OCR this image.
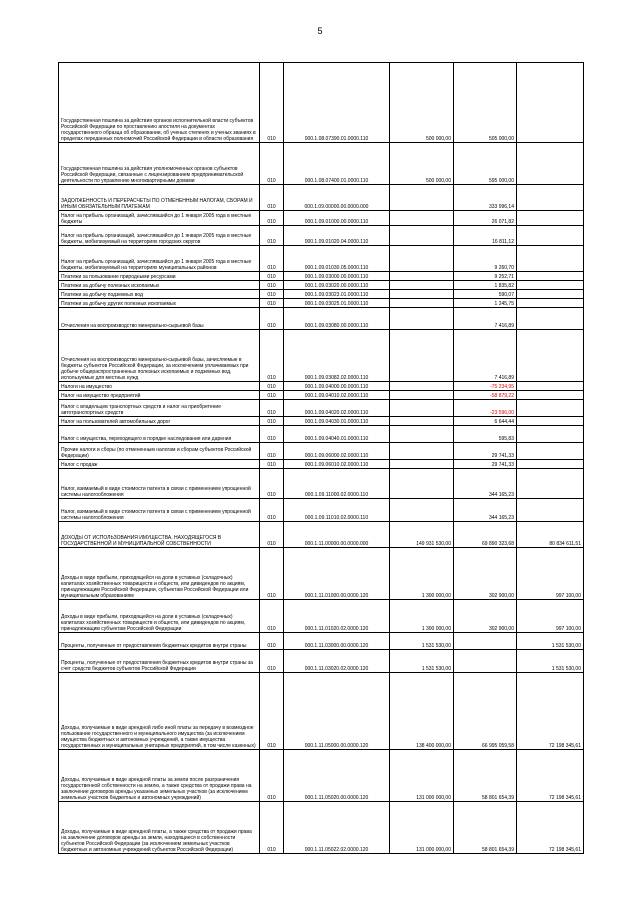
5
Государственная пошлина за действия органов исполнительной власти субъектов Российской Федерации по проставлению апостиля на документах государственного образца об образовании, об ученых степенях и ученых званиях в пределах переданных полномочий Российской Федерации в области образования	010	000.1.08.07390.01.0000.110	500 000,00	505 000,00	
Государственная пошлина за действия уполномоченных органов субъектов Российской Федерации, связанные с лицензированием предпринимательской деятельности по управлению многоквартирными домами	010	000.1.08.07400.01.0000.110	500 000,00	595 000,00	
ЗАДОЛЖЕННОСТЬ И ПЕРЕРАСЧЕТЫ ПО ОТМЕНЕННЫМ НАЛОГАМ, СБОРАМ И ИНЫМ ОБЯЗАТЕЛЬНЫМ ПЛАТЕЖАМ	010	000.1.09.00000.00.0000.000		333 996,14	
Налог на прибыль организаций, зачислявшийся до 1 января 2005 года в местные бюджеты	010	000.1.09.01000.00.0000.110		26 071,82	
Налог на прибыль организаций, зачислявшийся до 1 января 2005 года в местные бюджеты, мобилизуемый на территориях городских округов	010	000.1.09.01020.04.0000.110		16 811,12	
Налог на прибыль организаций, зачислявшийся до 1 января 2005 года в местные бюджеты, мобилизуемый на территориях муниципальных районов	010	000.1.09.01030.05.0000.110		9 260,70	
Платежи за пользование природными ресурсами	010	000.1.09.03000.00.0000.110		9 252,71	
Платежи за добычу полезных ископаемых	010	000.1.09.03020.00.0000.110		1 835,82	
Платежи за добычу подземных вод	010	000.1.09.03023.01.0000.110		590,07	
Платежи за добычу других полезных ископаемых	010	000.1.09.03025.01.0000.110		1 245,75	
Отчисления на воспроизводство минерально-сырьевой базы	010	000.1.09.03080.00.0000.110		7 416,89	
Отчисления на воспроизводство минерально-сырьевой базы, зачисляемые в бюджеты субъектов Российской Федерации, за исключением уплачиваемых при добыче общераспространенных полезных ископаемых и подземных вод, используемых для местных нужд	010	000.1.09.03082.02.0000.110		7 416,89	
Налоги на имущество	010	000.1.09.04000.00.0000.110		-75 234,95	
Налог на имущество предприятий	010	000.1.09.04010.02.0000.110		-58 879,22	
Налог с владельцев транспортных средств и налог на приобретение автотранспортных средств	010	000.1.09.04020.02.0000.110		-23 596,00	
Налог на пользователей автомобильных дорог	010	000.1.09.04030.01.0000.110		6 644,44	
Налог с имущества, переходящего в порядке наследования или дарения	010	000.1.09.04040.01.0000.110		595,83	
Прочие налоги и сборы (по отмененным налогам и сборам субъектов Российской Федерации)	010	000.1.09.06000.02.0000.110		29 741,33	
Налог с продаж	010	000.1.09.06010.02.0000.110		29 741,33	
Налог, взимаемый в виде стоимости патента в связи с применением упрощенной системы налогообложения	010	000.1.09.11000.02.0000.110		344 165,23	
Налог, взимаемый в виде стоимости патента в связи с применением упрощенной системы налогообложения	010	000.1.09.11010.02.0000.110		344 165,23	
ДОХОДЫ ОТ ИСПОЛЬЗОВАНИЯ ИМУЩЕСТВА, НАХОДЯЩЕГОСЯ В ГОСУДАРСТВЕННОЙ И МУНИЦИПАЛЬНОЙ СОБСТВЕННОСТИ	010	000.1.11.00000.00.0000.000	149 931 530,00	69 890 323,68	80 834 611,51
Доходы в виде прибыли, приходящейся на доли в уставных (складочных) капиталах хозяйственных товариществ и обществ, или дивидендов по акциям, принадлежащим Российской Федерации, субъектам Российской Федерации или муниципальным образованиям	010	000.1.11.01000.00.0000.120	1 300 000,00	302 900,00	997 100,00
Доходы в виде прибыли, приходящейся на доли в уставных (складочных) капиталах хозяйственных товариществ и обществ, или дивидендов по акциям, принадлежащим субъектам Российской Федерации	010	000.1.11.01020.02.0000.120	1 300 000,00	302 900,00	997 100,00
Проценты, полученные от предоставления бюджетных кредитов внутри страны	010	000.1.11.03000.00.0000.120	1 531 530,00		1 531 530,00
Проценты, полученные от предоставления бюджетных кредитов внутри страны за счет средств бюджетов субъектов Российской Федерации	010	000.1.11.03020.02.0000.120	1 531 530,00		1 531 530,00
Доходы, получаемые в виде арендной либо иной платы за передачу в возмездное пользование государственного и муниципального имущества (за исключением имущества бюджетных и автономных учреждений, а также имущества государственных и муниципальных унитарных предприятий, в том числе казенных)	010	000.1.11.05000.00.0000.120	138 400 000,00	66 995 059,58	72 198 345,61
Доходы, получаемые в виде арендной платы за земли после разграничения государственной собственности на землю, а также средства от продажи права на заключение договоров аренды указанных земельных участков (за исключением земельных участков бюджетных и автономных учреждений)	010	000.1.11.05020.00.0000.120	131 000 000,00	58 801 654,39	72 198 345,61
Доходы, получаемые в виде арендной платы, а также средства от продажи права на заключение договоров аренды за земли, находящиеся в собственности субъектов Российской Федерации (за исключением земельных участков бюджетных и автономных учреждений субъектов Российской Федерации)	010	000.1.11.05022.02.0000.120	131 000 000,00	58 801 654,39	72 198 345,61
